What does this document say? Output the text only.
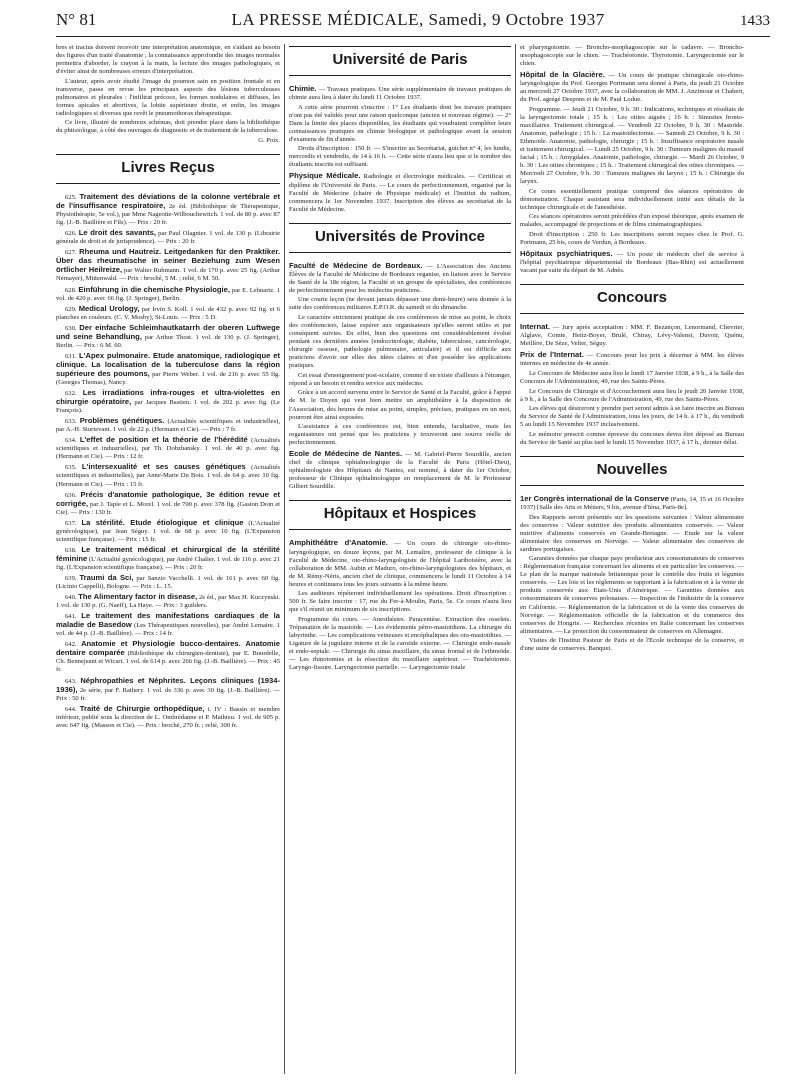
N° 81	LA PRESSE MÉDICALE, Samedi, 9 Octobre 1937	1433

bres et tractus doivent recevoir une interprétation anatomique, en s'aidant au besoin des figures d'un traité d'anatomie ; la connaissance approfondie des images normales permettra d'aborder, le crayon à la main, la lecture des images pathologiques, et d'éviter ainsi de nombreuses erreurs d'interprétation.

L'auteur, après avoir étudié l'image du poumon sain en position frontale et en transverse, passe en revue les principaux aspects des lésions tuberculeuses pulmonaires et pleurales : l'infiltrat précoce, les formes nodulaires et diffuses, les formes apicales et abortives, la lobite supérieure droite, et enfin, les images radiologiques si diverses que revêt le pneumothorax thérapeutique.

Ce livre, illustré de nombreux schémas, doit prendre place dans la bibliothèque du phtisiologue, à côté des ouvrages de diagnostic et de traitement de la tuberculose.

G. Poix.
Livres Reçus

625. Traitement des déviations de la colonne vertébrale et de l'insuffisance respiratoire, 2e éd. (Bibliothèque de Thérapeutique, Physiothérapie, 5e vol.), par Mme Nageotte-Wilbouchewitch. 1 vol. de 80 p. avec 87 fig. (J.-B. Baillière et Fils). — Prix : 20 fr.

626. Le droit des savants, par Paul Olagnier. 1 vol. de 130 p. (Librairie générale de droit et de jurisprudence). — Prix : 20 fr.

627. Rheuma und Hautreiz. Leitgedanken für den Praktiker. Über das rheumatische in seiner Beziehung zum Wesen örtlicher Heilreize, par Walter Ruhmann. 1 vol. de 170 p. avec 25 fig. (Arthur Nemayer), Mittenwald. — Prix : broché, 5 M. ; relié, 6 M. 50.

628. Einführung in die chemische Physiologie, par E. Lehnartz. 1 vol. de 420 p. avec 66 fig. (J. Springer), Berlin.

629. Medical Urology, par Irvin S. Koll. 1 vol. de 432 p. avec 92 fig. et 6 planches en couleurs. (C. V. Mosby), St-Louis. — Prix : 5 D.

630. Der einfache Schleimhautkatarrh der oberen Luftwege und seine Behandlung, par Arthur Thost. 1 vol. de 130 p. (J. Springer), Berlin. — Prix : 6 M. 60.

631. L'Apex pulmonaire. Etude anatomique, radiologique et clinique. La localisation de la tuberculose dans la région supérieure des poumons, par Pierre Weber. 1 vol. de 216 p. avec 55 fig. (Georges Thomas), Nancy.

632. Les irradiations infra-rouges et ultra-violettes en chirurgie opératoire, par Jacques Bastien. 1 vol. de 202 p. avec fig. (Le François).

633. Problèmes génétiques. (Actualités scientifiques et industrielles), par A.-H. Sturtevant. 1 vol. de 22 p. (Hermann et Cie). — Prix : 7 fr.

634. L'effet de position et la théorie de l'hérédité (Actualités scientifiques et industrielles), par Th. Dobzhansky. 1 vol. de 40 p. avec fig. (Hermann et Cie). — Prix : 12 fr.

635. L'intersexualité et ses causes génétiques (Actualités scientifiques et industrielles), par Anne-Marie Du Bois. 1 vol. de 64 p. avec 10 fig. (Hermann et Cie). — Prix : 15 fr.

636. Précis d'anatomie pathologique, 3e édition revue et corrigée, par J. Tapie et L. Morel. 1 vol. de 700 p. avec 378 fig. (Gaston Doin et Cie). — Prix : 130 fr.

637. La stérilité. Etude étiologique et clinique (L'Actualité gynécologique), par Jean Séguy. 1 vol. de 68 p. avec 10 fig. (L'Expansion scientifique française). — Prix : 15 fr.

638. Le traitement médical et chirurgical de la stérilité féminine (L'Actualité gynécologique), par André Chalier. 1 vol. de 116 p. avec 21 fig. (L'Expansion scientifique française). — Prix : 20 fr.

639. Traumi da Sci, par Sanzio Vacchelli. 1 vol. de 161 p. avec 60 fig. (Licinio Cappelli), Bologne. — Prix : L. 15.

640. The Alimentary factor in disease, 2e éd., par Max H. Kuczynski. 1 vol. de 130 p. (G. Naeff), La Haye. — Prix : 3 guilders.

641. Le traitement des manifestations cardiaques de la maladie de Basedow (Les Thérapeutiques nouvelles), par André Lemaire. 1 vol. de 44 p. (J.-B. Baillière). — Prix : 14 fr.

642. Anatomie et Physiologie bucco-dentaires. Anatomie dentaire comparée (Bibliothèque du chirurgien-dentiste), par E. Bourdelle, Ch. Bennejeant et Wicart. 1 vol. de 614 p. avec 266 fig. (J.-B. Baillière). — Prix : 45 fr.

643. Néphropathies et Néphrites. Leçons cliniques (1934-1936), 2e série, par F. Rathery. 1 vol. de 336 p. avec 30 fig. (J.-B. Baillière). — Prix : 50 fr.

644. Traité de Chirurgie orthopédique, t. IV : Bassin et membre inférieur, publié sous la direction de L. Ombrédanne et P. Mathieu. 1 vol. de 905 p. avec 647 fig. (Masson et Cie). — Prix : broché, 270 fr. ; relié, 300 fr.

Université de Paris

Chimie. — Travaux pratiques. Une série supplémentaire de travaux pratiques de chimie aura lieu à dater du lundi 11 Octobre 1937.

A cette série pourront s'inscrire : 1° Les étudiants dont les travaux pratiques n'ont pas été validés pour une raison quelconque (ancien et nouveau régime). — 2° Dans la limite des places disponibles, les étudiants qui voudraient compléter leurs connaissances pratiques en chimie biologique et pathologique avant la session d'examens de fin d'année.

Droits d'inscription : 150 fr. — S'inscrire au Secrétariat, guichet n° 4, les lundis, mercredis et vendredis, de 14 à 16 h. — Cette série n'aura lieu que si le nombre des étudiants inscrits est suffisant.

Physique Médicale. Radiologie et électrologie médicales. — Certificat et diplôme de l'Université de Paris. — Le cours de perfectionnement, organisé par la Faculté de Médecine (chaire de Physique médicale) et l'Institut du radium, commencera le 1er Novembre 1937. Inscription des élèves au secrétariat de la Faculté de Médecine.

Universités de Province

Faculté de Médecine de Bordeaux. — L'Association des Anciens Élèves de la Faculté de Médecine de Bordeaux organise, en liaison avec le Service de Santé de la 18e région, la Faculté et un groupe de spécialistes, des conférences de perfectionnement pour les médecins praticiens.

Une courte leçon (ne devant jamais dépasser une demi-heure) sera donnée à la suite des conférences militaires E.P.O.R. du samedi et du dimanche.

Le caractère strictement pratique de ces conférences de mise au point, le choix des conférenciers, laisse espérer aux organisateurs qu'elles seront utiles et par conséquent suivies. En effet, bien des questions ont considérablement évolué pendant ces dernières années (endocrinologie, diabète, tuberculose, cancérologie, chirurgie osseuse, pathologie pulmonaire, articulaire) et il est difficile aux praticiens d'avoir sur elles des idées claires et d'en posséder les applications pratiques.

Cet essai d'enseignement post-scolaire, comme il en existe d'ailleurs à l'étranger, répond à un besoin et rendra service aux médecins.

Grâce à un accord survenu entre le Service de Santé et la Faculté, grâce à l'appui de M. le Doyen qui veut bien mettre un amphithéâtre à la disposition de l'Association, des heures de mise au point, simples, précises, pratiques en un mot, pourront être ainsi exposées.

L'assistance à ces conférences est, bien entendu, facultative, mais les organisateurs ont pensé que les praticiens y trouveront une source réelle de perfectionnement.

Ecole de Médecine de Nantes. — M. Gabriel-Pierre Sourdille, ancien chef de clinique ophtalmologique de la Faculté de Paris (Hôtel-Dieu), ophtalmologiste des Hôpitaux de Nantes, est nommé, à dater du 1er Octobre, professeur de Clinique ophtalmologique en remplacement de M. le Professeur Gilbert Sourdille.

Hôpitaux et Hospices

Amphithéâtre d'Anatomie. — Un cours de chirurgie oto-rhino-laryngologique, en douze leçons, par M. Lemaître, professeur de clinique à la Faculté de Médecine, oto-rhino-laryngologiste de l'hôpital Lariboisière, avec la collaboration de MM. Aubin et Maduro, oto-rhino-laryngologistes des hôpitaux, et de M. Rémy-Néris, ancien chef de clinique, commencera le lundi 11 Octobre à 14 heures et continuera tous les jours suivants à la même heure.

Les auditeurs répéteront individuellement les opérations. Droit d'inscription : 500 fr. Se faire inscrire : 17, rue du Fer-à-Moulin, Paris, 5e. Ce cours n'aura lieu que s'il réunit un minimum de six inscriptions.

Programme du cours. — Anesthésies. Paracentèse. Extraction des osselets. Trépanation de la mastoïde. — Les évidements pétro-mastoïdiens. La chirurgie du labyrinthe. — Les complications veineuses et encéphaliques des oto-mastoïdites. — Ligature de la jugulaire interne et de la carotide externe. — Chirurgie endo-nasale et endo-septale. — Chirurgie du sinus maxillaire, du sinus frontal et de l'ethmoïde. — Les rhinotomies et la résection du maxillaire supérieur. — Trachéotomie. Laryngo-fissure. Laryngectomie partielle. — Laryngectomie totale

et pharyngotomie. — Broncho-œsophagoscopie sur le cadavre. — Broncho-œsophagoscopie sur le chien. — Trachéotomie. Thyrotomie. Laryngectomie sur le chien.

Hôpital de la Glacière. — Un cours de pratique chirurgicale oto-rhino-laryngologique du Prof. Georges Portmann sera donné à Paris, du jeudi 21 Octobre au mercredi 27 Octobre 1937, avec la collaboration de MM. J. Anzimour et Chabert, du Prof. agrégé Despons et de M. Paul Lodue.

Programme. — Jeudi 21 Octobre, 9 h. 30 : Indications, techniques et résultats de la laryngectomie totale ; 15 h. : Les otites aiguës ; 16 h. : Sinusites fronto-maxillaires. Traitement chirurgical. — Vendredi 22 Octobre, 9 h. 30 : Mastoïde. Anatomie, pathologie ; 15 h. : La mastoïdectomie. — Samedi 23 Octobre, 9 h. 30 : Ethmoïde. Anatomie, pathologie, chirurgie ; 15 h. : Insuffisance respiratoire nasale et traitement chirurgical. — Lundi 25 Octobre, 9 h. 30 : Tumeurs malignes du massif facial ; 15 h. : Amygdales. Anatomie, pathologie, chirurgie. — Mardi 26 Octobre, 9 h. 30 : Les otites chroniques ; 15 h. : Traitement chirurgical des otites chroniques. — Mercredi 27 Octobre, 9 h. 30 : Tumeurs malignes du larynx ; 15 h. : Chirurgie du larynx.

Ce cours essentiellement pratique comprend des séances opératoires de démonstration. Chaque assistant sera individuellement initié aux détails de la technique chirurgicale et de l'anesthésie.

Ces séances opératoires seront précédées d'un exposé théorique, après examen de malades, accompagné de projections et de films cinématographiques.

Droit d'inscription : 250 fr. Les inscriptions seront reçues chez le Prof. G. Portmann, 25 bis, cours de Verdun, à Bordeaux.

Hôpitaux psychiatriques. — Un poste de médecin chef de service à l'hôpital psychiatrique départemental de Bordeaux (Bas-Rhin) est actuellement vacant par suite du départ de M. Adnès.

Concours

Internat. — Jury après acceptation : MM. F. Bezançon, Lenormand, Chevrier, Alglave, Comte, Heitz-Boyer, Brulé, Chiray, Lévy-Valensi, Duvoir, Quénu, Meillère, De Sèze, Velter, Séguy.

Prix de l'Internat. — Concours pour les prix à décerner à MM. les élèves internes en médecine de 4e année.

Le Concours de Médecine aura lieu le lundi 17 Janvier 1938, à 9 h., à la Salle des Concours de l'Administration, 49, rue des Saints-Pères.

Le Concours de Chirurgie et d'Accouchement aura lieu le jeudi 20 Janvier 1938, à 9 h., à la Salle des Concours de l'Administration, 49, rue des Saints-Pères.

Les élèves qui désireront y prendre part seront admis à se faire inscrire au Bureau du Service de Santé de l'Administration, tous les jours, de 14 h. à 17 h., du vendredi 5 au lundi 15 Novembre 1937 inclusivement.

Le mémoire prescrit comme épreuve du concours devra être déposé au Bureau du Service de Santé au plus tard le lundi 15 Novembre 1937, à 17 h., dernier délai.

Nouvelles

1er Congrès international de la Conserve (Paris, 14, 15 et 16 Octobre 1937) [Salle des Arts et Métiers, 9 bis, avenue d'Iéna, Paris-8e].

Des Rapports seront présentés sur les questions suivantes : Valeur alimentaire des conserves : Valeur nutritive des produits alimentaires conservés. — Valeur nutritive d'aliments conservés en Grande-Bretagne. — Etude sur la valeur alimentaire des conserves en Norvège. — Valeur alimentaire des conserves de sardines portugaises.

Garanties données par chaque pays producteur aux consommateurs de conserves : Réglementation française concernant les aliments et en particulier les conserves. — Le plan de la marque nationale britannique pour le contrôle des fruits et légumes conservés. — Les lois et les règlements se rapportant à la fabrication et à la vente de produits conservés aux Etats-Unis d'Amérique. — Garanties données aux consommateurs de conserves polonaises. — Inspection de l'industrie de la conserve en Californie. — Réglementation de la fabrication et de la vente des conserves de Norvège. — Réglementation officielle de la fabrication et du commerce des conserves de Hongrie. — Recherches récentes en Italie concernant les conserves alimentaires. — La protection du consommateur de conserves en Allemagne.

Visites de l'Institut Pasteur de Paris et de l'Ecole technique de la conserve, et d'une usine de conserves. Banquet.
